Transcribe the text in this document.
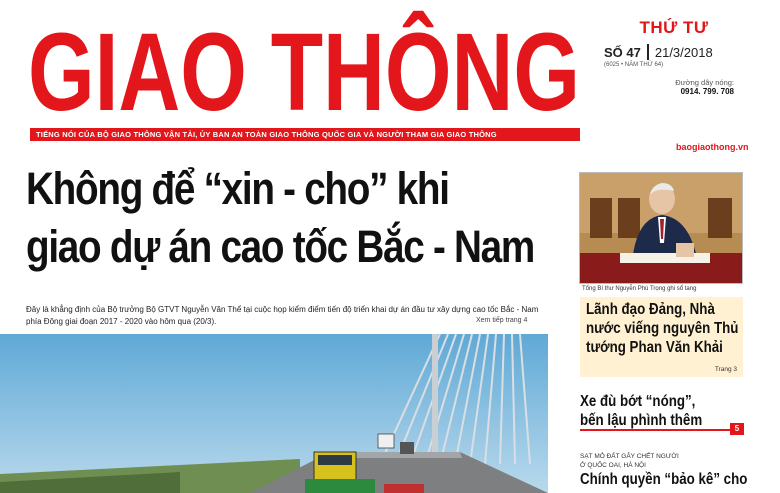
GIAO THÔNG
TIẾNG NÓI CỦA BỘ GIAO THÔNG VẬN TẢI, ỦY BAN AN TOÀN GIAO THÔNG QUỐC GIA VÀ NGƯỜI THAM GIA GIAO THÔNG
THỨ TƯ
SỐ 47 21/3/2018
(6025 • NĂM THỨ 64)
Đường dây nóng:
0914. 799. 708
baogiaothong.vn
Không để “xin - cho” khi
giao dự án cao tốc Bắc - Nam
Đây là khẳng định của Bộ trưởng Bộ GTVT Nguyễn Văn Thể tại cuộc họp kiểm điểm tiến độ triển khai dự án đầu tư xây dựng cao tốc Bắc - Nam phía Đông giai đoạn 2017 - 2020 vào hôm qua (20/3).	Xem tiếp trang 4
Tổng Bí thư Nguyễn Phú Trọng ghi sổ tang
Lãnh đạo Đảng, Nhà nước viếng nguyên Thủ tướng Phan Văn Khải
Trang 3
Xe đù bớt “nóng”,
bến lậu phình thêm	5
SẠT MỎ ĐẤT GÂY CHẾT NGƯỜI
Ở QUỐC OAI, HÀ NỘI
Chính quyền “bảo kê” cho
